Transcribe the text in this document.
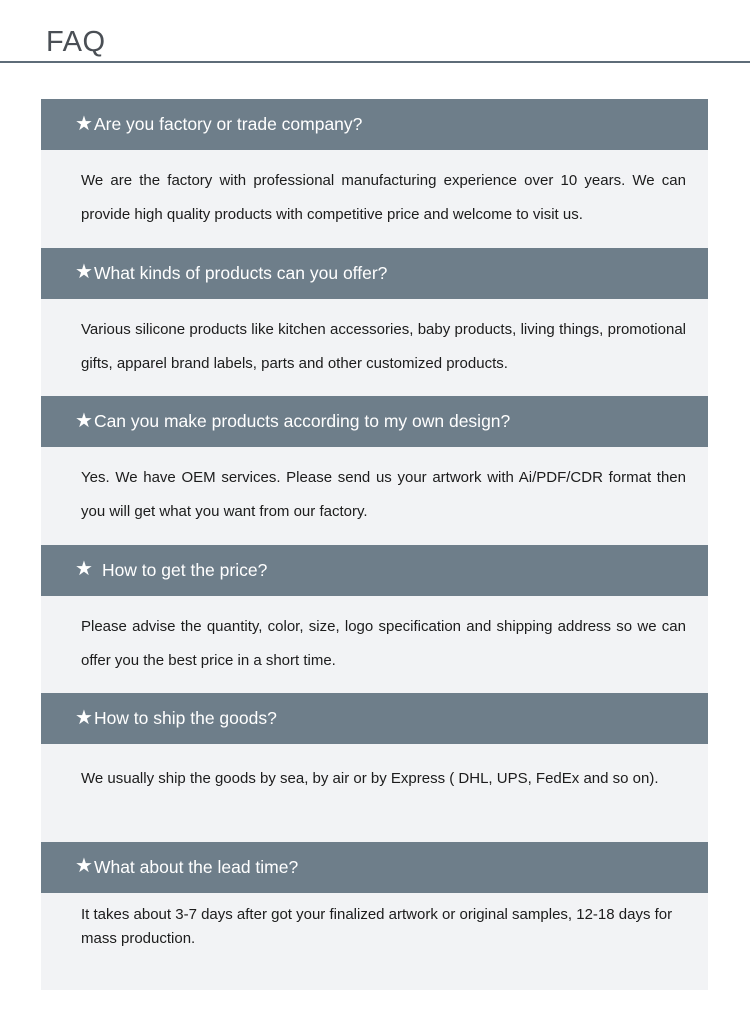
FAQ
★ Are you factory or trade company?
We are the factory with professional manufacturing experience over 10 years. We can provide high quality products with competitive price and welcome to visit us.
★ What kinds of products can you offer?
Various silicone products like kitchen accessories, baby products, living things, promotional gifts, apparel brand labels, parts and other customized products.
★ Can you make products according to my own design?
Yes. We have OEM services. Please send us your artwork with Ai/PDF/CDR format then you will get what you want from our factory.
★ How to get the price?
Please advise the quantity, color, size, logo specification and shipping address so we can offer you the best price in a short time.
★ How to ship the goods?
We usually ship the goods by sea, by air or by Express ( DHL, UPS, FedEx and so on).
★ What about the lead time?
It takes about 3-7 days after got your finalized artwork or original samples, 12-18 days for mass production.
